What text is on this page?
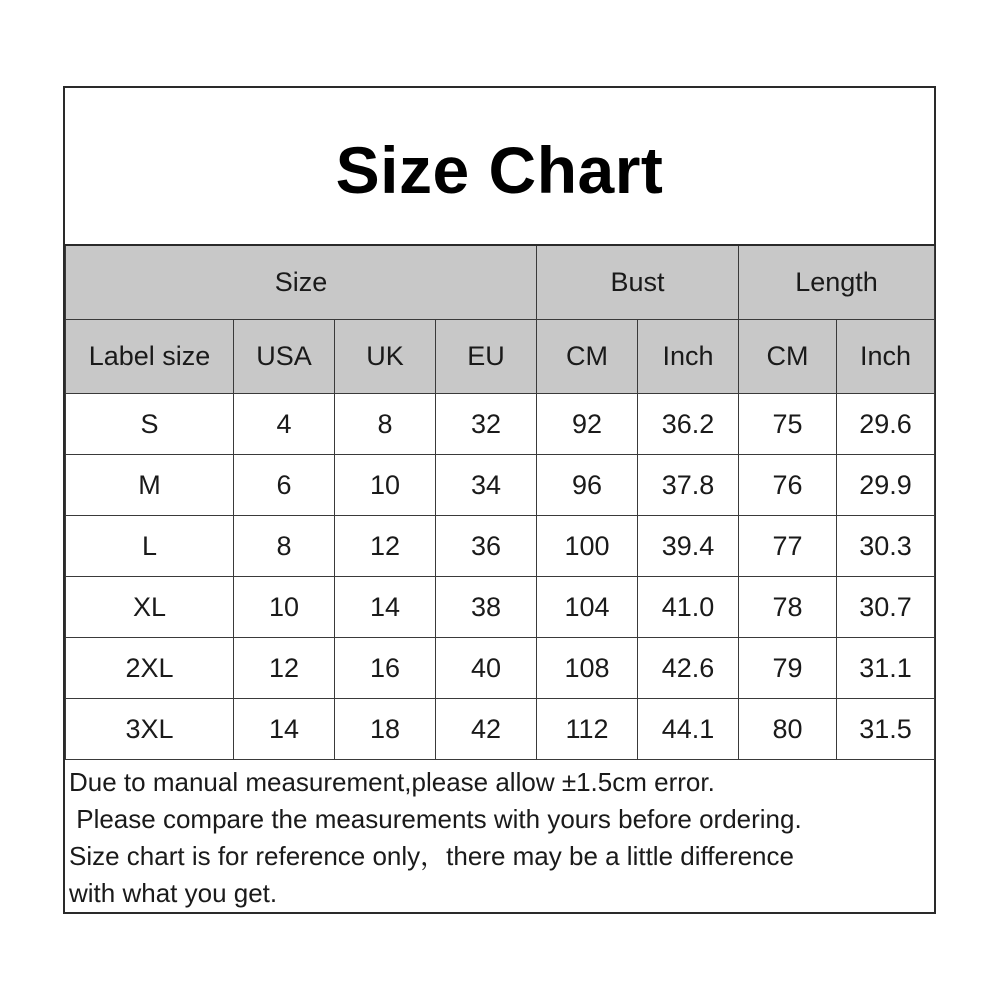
Size Chart
Size				Bust		Length	
Label size	USA	UK	EU	CM	Inch	CM	Inch
S	4	8	32	92	36.2	75	29.6
M	6	10	34	96	37.8	76	29.9
L	8	12	36	100	39.4	77	30.3
XL	10	14	38	104	41.0	78	30.7
2XL	12	16	40	108	42.6	79	31.1
3XL	14	18	42	112	44.1	80	31.5
Due to manual measurement,please allow ±1.5cm error.
Please compare the measurements with yours before ordering.
Size chart is for reference only，there may be a little difference
with what you get.
